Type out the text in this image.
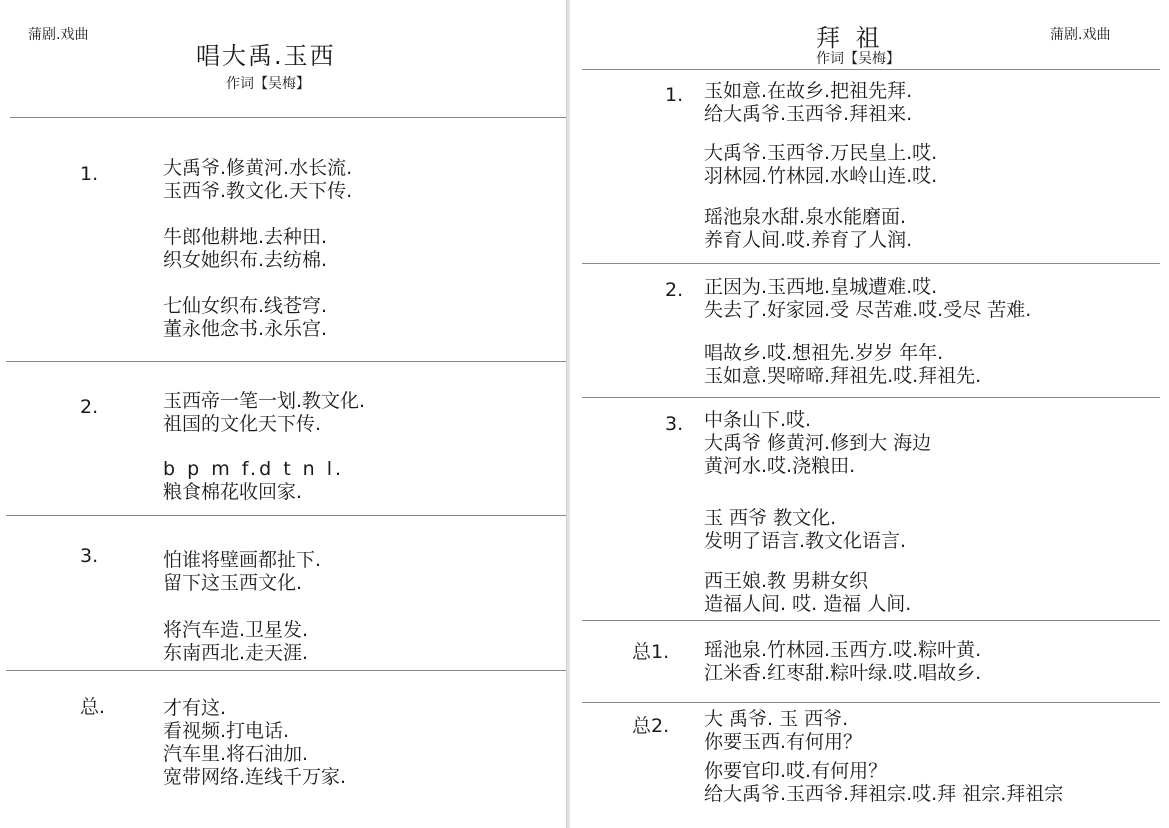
蒲剧.戏曲
唱大禹.玉西
作词【吴梅】
1.	大禹爷.修黄河.水长流.
玉西爷.教文化.天下传.
牛郎他耕地.去种田.
织女她织布.去纺棉.
七仙女织布.线苍穹.
董永他念书.永乐宫.
2.	玉西帝一笔一划.教文化.
祖国的文化天下传.
b p m f.d t n l.
粮食棉花收回家.
3.	怕谁将壁画都扯下.
留下这玉西文化.
将汽车造.卫星发.
东南西北.走天涯.
总.	才有这.
看视频.打电话.
汽车里.将石油加.
宽带网络.连线千万家.
拜 祖
作词【吴梅】
蒲剧.戏曲
1. 玉如意.在故乡.把祖先拜.
给大禹爷.玉西爷.拜祖来.
大禹爷.玉西爷.万民皇上.哎.
羽林园.竹林园.水岭山连.哎.
瑶池泉水甜.泉水能磨面.
养育人间.哎.养育了人润.
2. 正因为.玉西地.皇城遭难.哎.
失去了.好家园.受 尽苦难.哎.受尽 苦难.
唱故乡.哎.想祖先.岁岁 年年.
玉如意.哭啼啼.拜祖先.哎.拜祖先.
3. 中条山下.哎.
大禹爷 修黄河.修到大 海边
黄河水.哎.浇粮田.
玉 西爷 教文化.
发明了语言.教文化语言.
西王娘.教 男耕女织
造福人间. 哎. 造福 人间.
总1. 瑶池泉.竹林园.玉西方.哎.粽叶黄.
江米香.红枣甜.粽叶绿.哎.唱故乡.
总2. 大 禹爷. 玉 西爷.
你要玉西.有何用？
你要官印.哎.有何用？
给大禹爷.玉西爷.拜祖宗.哎.拜 祖宗.拜祖宗
